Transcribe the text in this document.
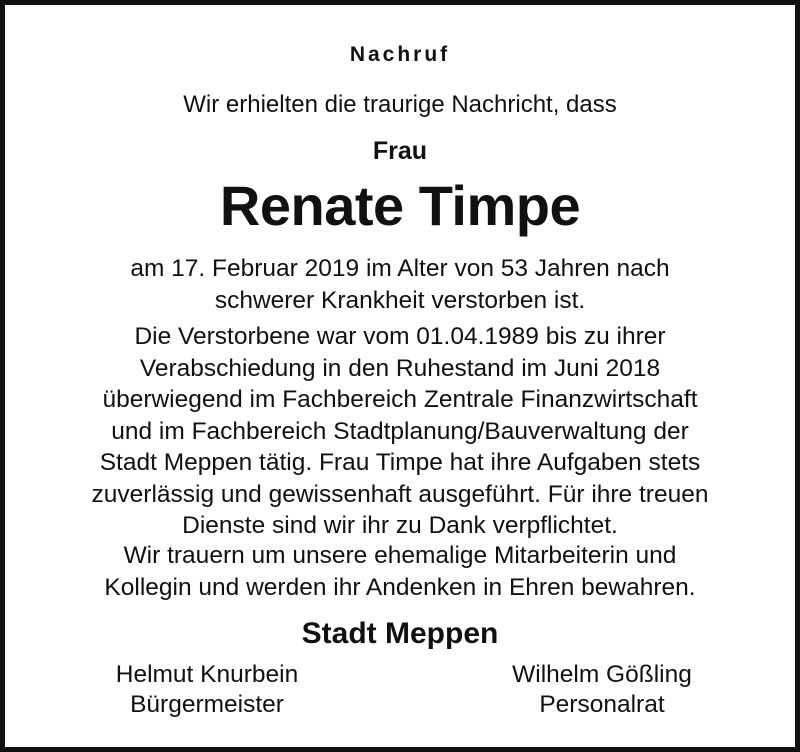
Nachruf
Wir erhielten die traurige Nachricht, dass
Frau
Renate Timpe
am 17. Februar 2019 im Alter von 53 Jahren nach
schwerer Krankheit verstorben ist.
Die Verstorbene war vom 01.04.1989 bis zu ihrer
Verabschiedung in den Ruhestand im Juni 2018
überwiegend im Fachbereich Zentrale Finanzwirtschaft
und im Fachbereich Stadtplanung/Bauverwaltung der
Stadt Meppen tätig. Frau Timpe hat ihre Aufgaben stets
zuverlässig und gewissenhaft ausgeführt. Für ihre treuen
Dienste sind wir ihr zu Dank verpflichtet.
Wir trauern um unsere ehemalige Mitarbeiterin und
Kollegin und werden ihr Andenken in Ehren bewahren.
Stadt Meppen
Helmut Knurbein
Bürgermeister
Wilhelm Gößling
Personalrat
